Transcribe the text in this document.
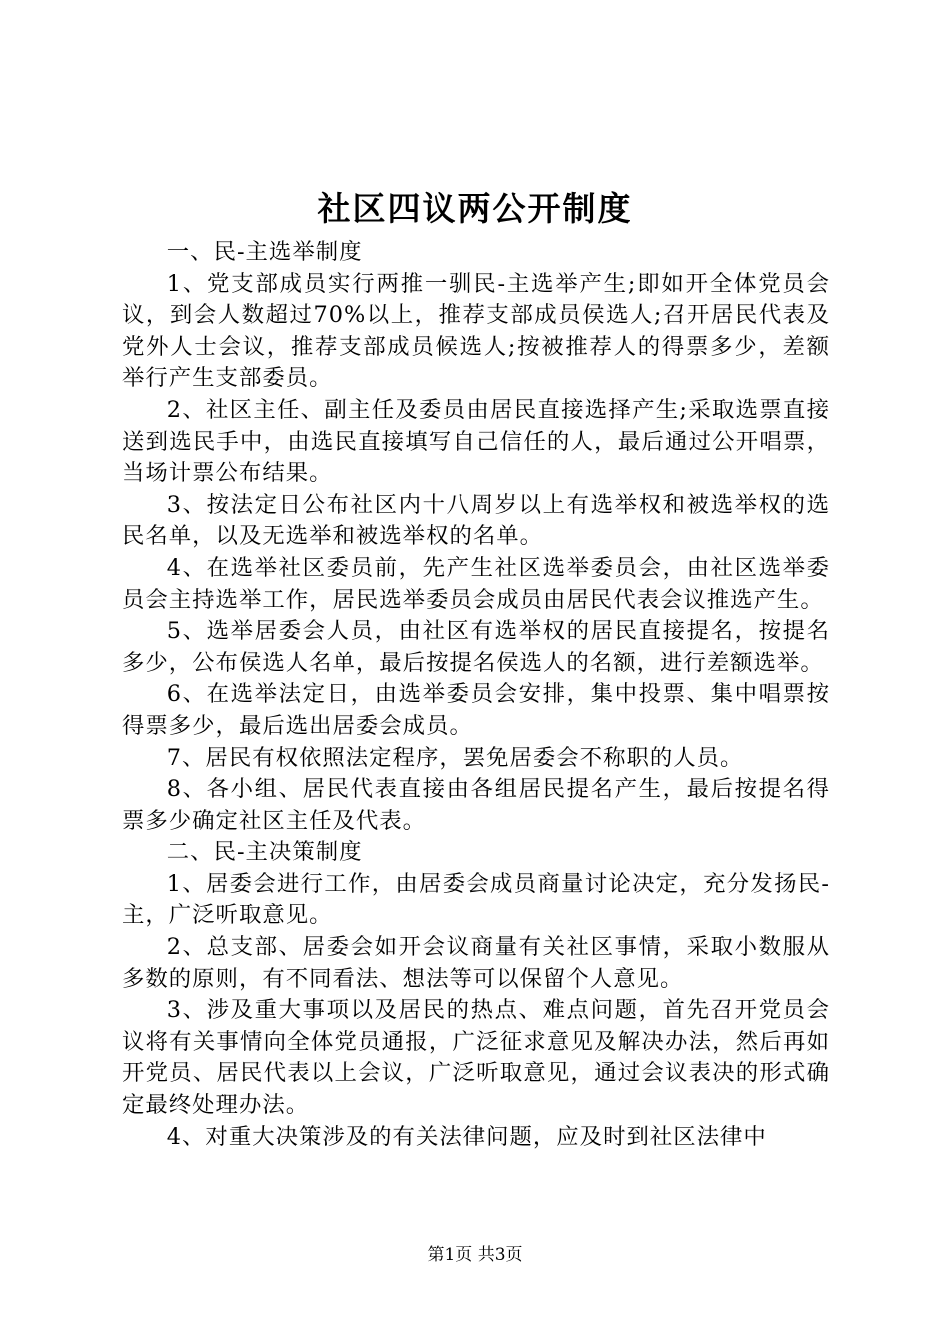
社区四议两公开制度

一、民-主选举制度

1、党支部成员实行两推一驯民-主选举产生;即如开全体党员会议，到会人数超过70%以上，推荐支部成员侯选人;召开居民代表及党外人士会议，推荐支部成员候选人;按被推荐人的得票多少，差额举行产生支部委员。

2、社区主任、副主任及委员由居民直接选择产生;采取选票直接送到选民手中，由选民直接填写自己信任的人，最后通过公开唱票，当场计票公布结果。

3、按法定日公布社区内十八周岁以上有选举权和被选举权的选民名单，以及无选举和被选举权的名单。

4、在选举社区委员前，先产生社区选举委员会，由社区选举委员会主持选举工作，居民选举委员会成员由居民代表会议推选产生。

5、选举居委会人员，由社区有选举权的居民直接提名，按提名多少，公布侯选人名单，最后按提名侯选人的名额，进行差额选举。

6、在选举法定日，由选举委员会安排，集中投票、集中唱票按得票多少，最后选出居委会成员。

7、居民有权依照法定程序，罢免居委会不称职的人员。

8、各小组、居民代表直接由各组居民提名产生，最后按提名得票多少确定社区主任及代表。

二、民-主决策制度

1、居委会进行工作，由居委会成员商量讨论决定，充分发扬民-主，广泛听取意见。

2、总支部、居委会如开会议商量有关社区事情，采取小数服从多数的原则，有不同看法、想法等可以保留个人意见。

3、涉及重大事项以及居民的热点、难点问题，首先召开党员会议将有关事情向全体党员通报，广泛征求意见及解决办法，然后再如开党员、居民代表以上会议，广泛听取意见，通过会议表决的形式确定最终处理办法。

4、对重大决策涉及的有关法律问题，应及时到社区法律中

第1页 共3页
